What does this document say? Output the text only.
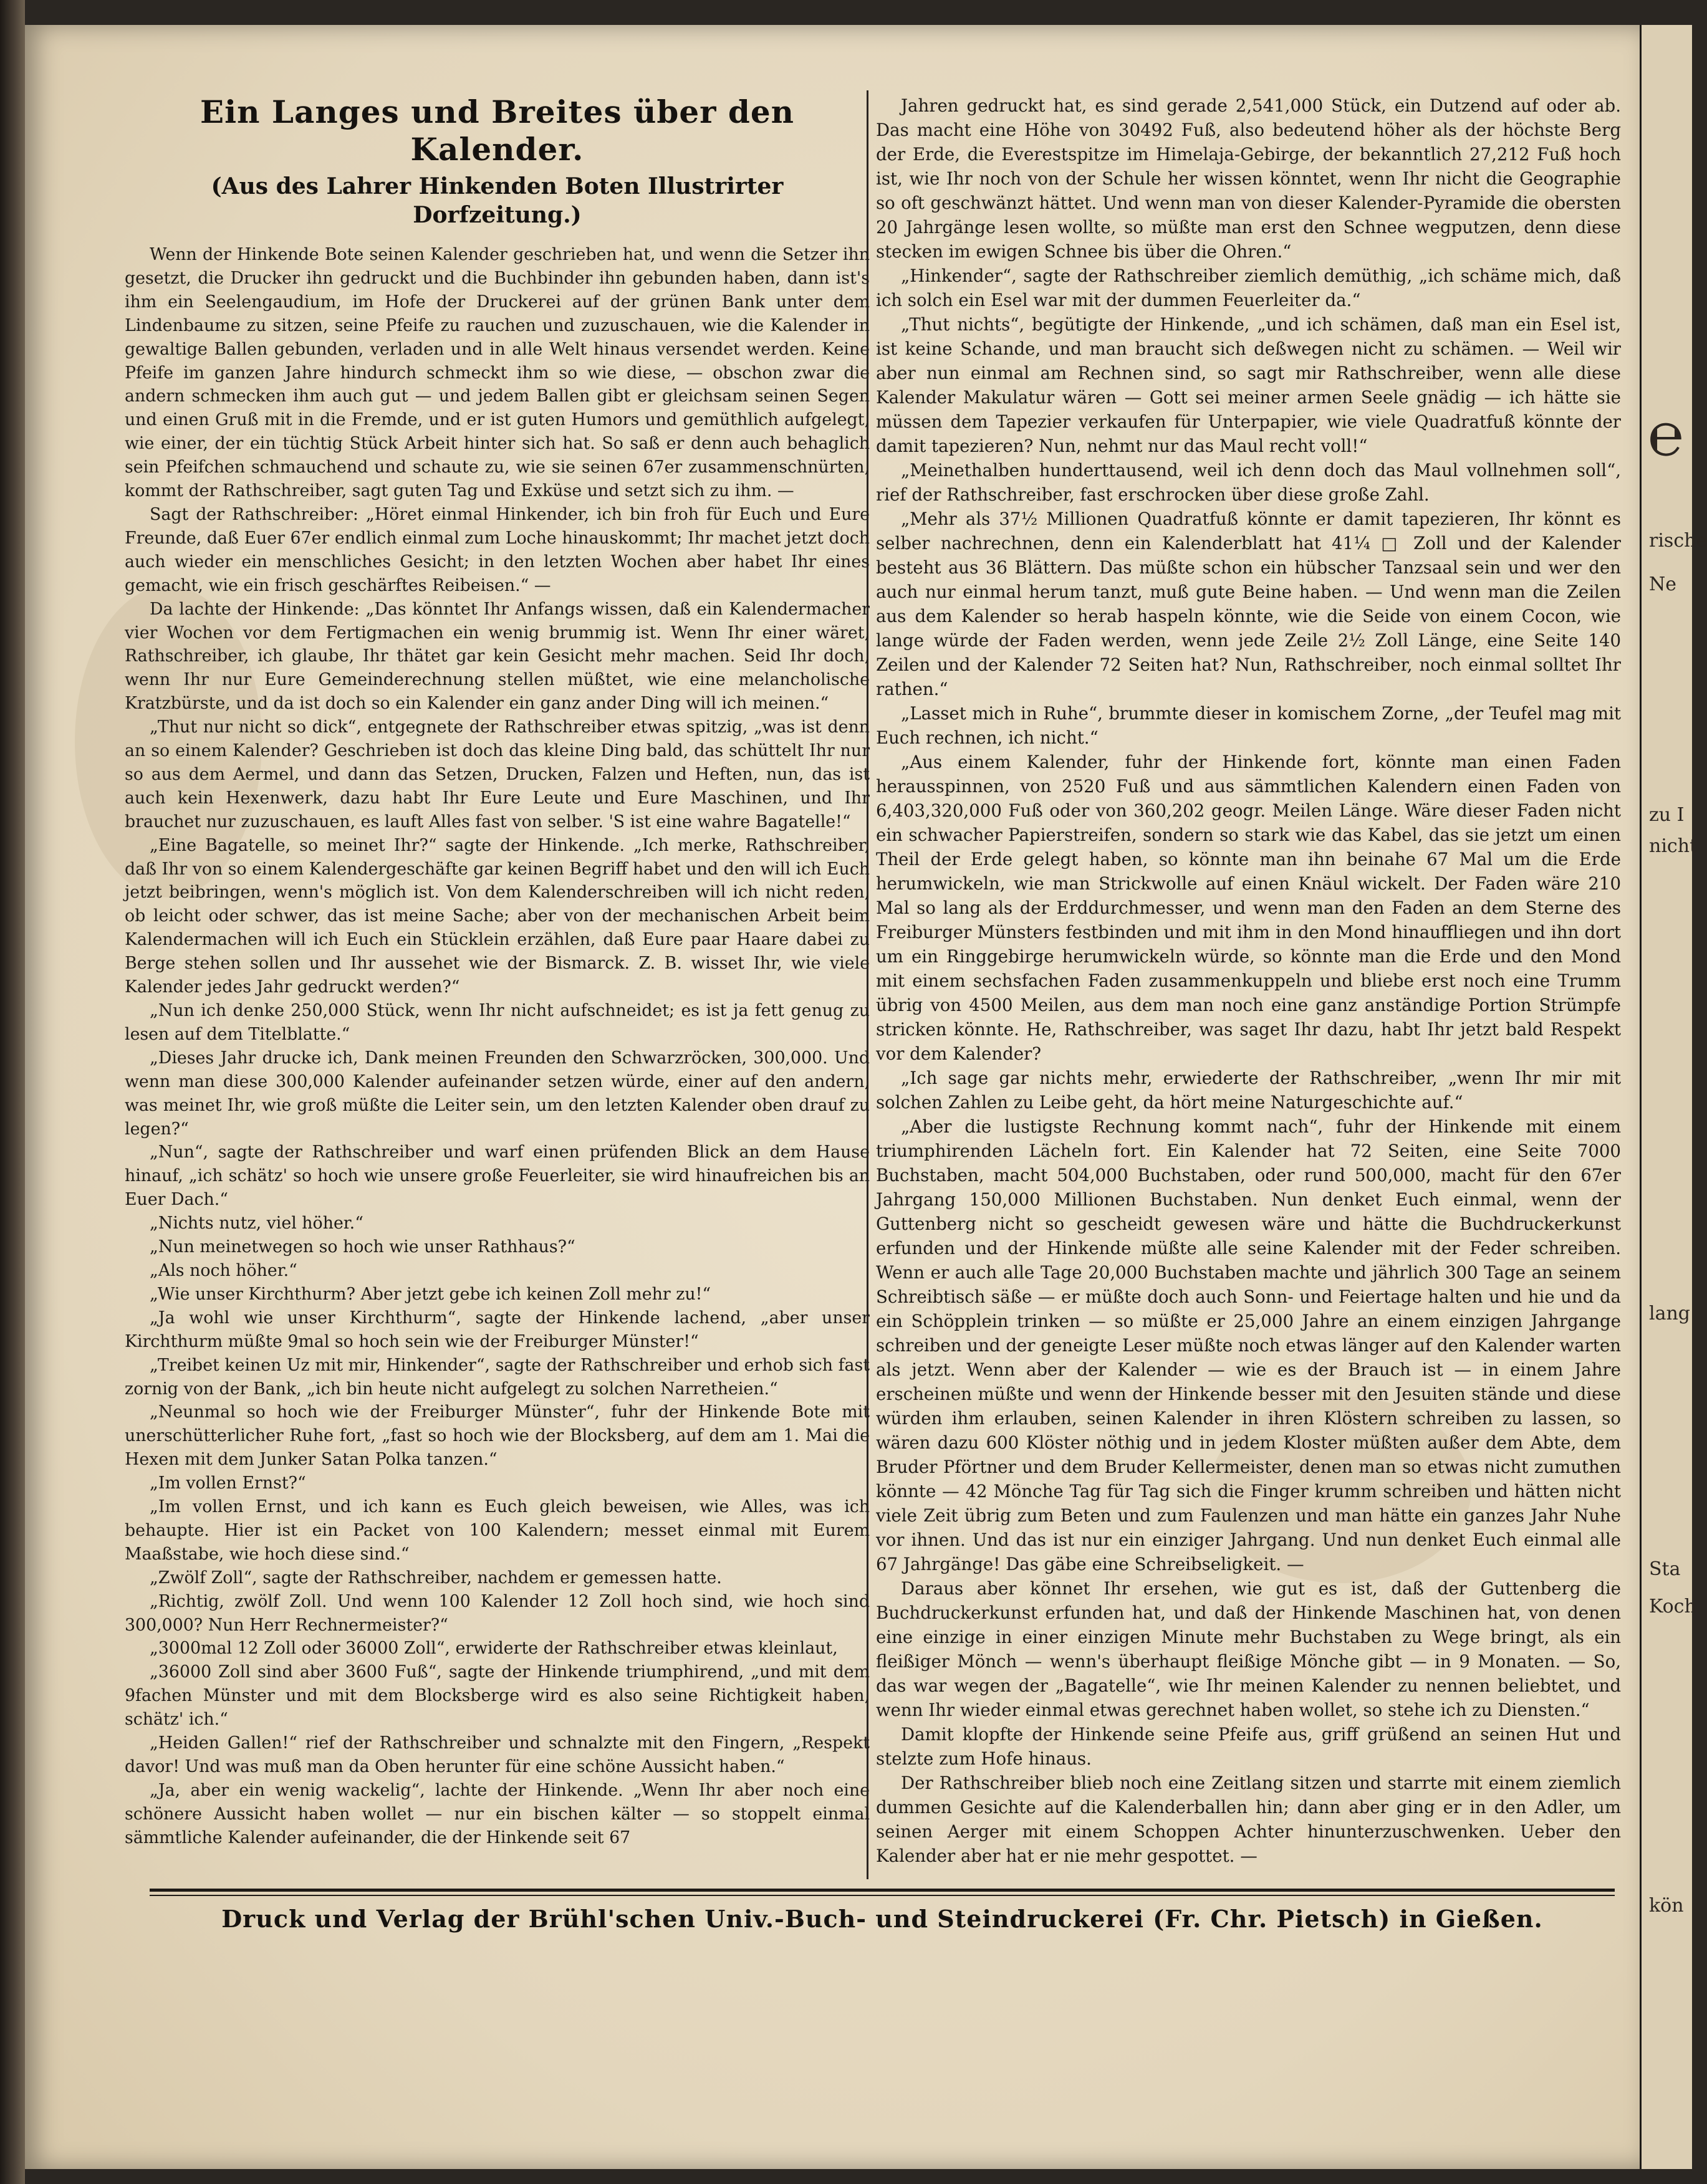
Ein Langes und Breites über den Kalender.
(Aus des Lahrer Hinkenden Boten Illustrirter Dorfzeitung.)

Wenn der Hinkende Bote seinen Kalender geschrieben hat, und wenn die Setzer ihn gesetzt, die Drucker ihn gedruckt und die Buchbinder ihn gebunden haben, dann ist's ihm ein Seelengaudium, im Hofe der Druckerei auf der grünen Bank unter dem Lindenbaume zu sitzen, seine Pfeife zu rauchen und zuzuschauen, wie die Kalender in gewaltige Ballen gebunden, verladen und in alle Welt hinaus versendet werden. Keine Pfeife im ganzen Jahre hindurch schmeckt ihm so wie diese, — obschon zwar die andern schmecken ihm auch gut — und jedem Ballen gibt er gleichsam seinen Segen und einen Gruß mit in die Fremde, und er ist guten Humors und gemüthlich aufgelegt, wie einer, der ein tüchtig Stück Arbeit hinter sich hat. So saß er denn auch behaglich sein Pfeifchen schmauchend und schaute zu, wie sie seinen 67er zusammenschnürten, kommt der Rathschreiber, sagt guten Tag und Exküse und setzt sich zu ihm. —

Sagt der Rathschreiber: „Höret einmal Hinkender, ich bin froh für Euch und Eure Freunde, daß Euer 67er endlich einmal zum Loche hinauskommt; Ihr machet jetzt doch auch wieder ein menschliches Gesicht; in den letzten Wochen aber habet Ihr eines gemacht, wie ein frisch geschärftes Reibeisen.“ —

Da lachte der Hinkende: „Das könntet Ihr Anfangs wissen, daß ein Kalendermacher vier Wochen vor dem Fertigmachen ein wenig brummig ist. Wenn Ihr einer wäret, Rathschreiber, ich glaube, Ihr thätet gar kein Gesicht mehr machen. Seid Ihr doch, wenn Ihr nur Eure Gemeinderechnung stellen müßtet, wie eine melancholische Kratzbürste, und da ist doch so ein Kalender ein ganz ander Ding will ich meinen.“

„Thut nur nicht so dick“, entgegnete der Rathschreiber etwas spitzig, „was ist denn an so einem Kalender? Geschrieben ist doch das kleine Ding bald, das schüttelt Ihr nur so aus dem Aermel, und dann das Setzen, Drucken, Falzen und Heften, nun, das ist auch kein Hexenwerk, dazu habt Ihr Eure Leute und Eure Maschinen, und Ihr brauchet nur zuzuschauen, es lauft Alles fast von selber. 'S ist eine wahre Bagatelle!“

„Eine Bagatelle, so meinet Ihr?“ sagte der Hinkende. „Ich merke, Rathschreiber, daß Ihr von so einem Kalendergeschäfte gar keinen Begriff habet und den will ich Euch jetzt beibringen, wenn's möglich ist. Von dem Kalenderschreiben will ich nicht reden, ob leicht oder schwer, das ist meine Sache; aber von der mechanischen Arbeit beim Kalendermachen will ich Euch ein Stücklein erzählen, daß Eure paar Haare dabei zu Berge stehen sollen und Ihr aussehet wie der Bismarck. Z. B. wisset Ihr, wie viele Kalender jedes Jahr gedruckt werden?“

„Nun ich denke 250,000 Stück, wenn Ihr nicht aufschneidet; es ist ja fett genug zu lesen auf dem Titelblatte.“

„Dieses Jahr drucke ich, Dank meinen Freunden den Schwarzröcken, 300,000. Und wenn man diese 300,000 Kalender aufeinander setzen würde, einer auf den andern, was meinet Ihr, wie groß müßte die Leiter sein, um den letzten Kalender oben drauf zu legen?“

„Nun“, sagte der Rathschreiber und warf einen prüfenden Blick an dem Hause hinauf, „ich schätz' so hoch wie unsere große Feuerleiter, sie wird hinaufreichen bis an Euer Dach.“

„Nichts nutz, viel höher.“

„Nun meinetwegen so hoch wie unser Rathhaus?“

„Als noch höher.“

„Wie unser Kirchthurm? Aber jetzt gebe ich keinen Zoll mehr zu!“

„Ja wohl wie unser Kirchthurm“, sagte der Hinkende lachend, „aber unser Kirchthurm müßte 9mal so hoch sein wie der Freiburger Münster!“

„Treibet keinen Uz mit mir, Hinkender“, sagte der Rathschreiber und erhob sich fast zornig von der Bank, „ich bin heute nicht aufgelegt zu solchen Narretheien.“

„Neunmal so hoch wie der Freiburger Münster“, fuhr der Hinkende Bote mit unerschütterlicher Ruhe fort, „fast so hoch wie der Blocksberg, auf dem am 1. Mai die Hexen mit dem Junker Satan Polka tanzen.“

„Im vollen Ernst?“

„Im vollen Ernst, und ich kann es Euch gleich beweisen, wie Alles, was ich behaupte. Hier ist ein Packet von 100 Kalendern; messet einmal mit Eurem Maaßstabe, wie hoch diese sind.“

„Zwölf Zoll“, sagte der Rathschreiber, nachdem er gemessen hatte.

„Richtig, zwölf Zoll. Und wenn 100 Kalender 12 Zoll hoch sind, wie hoch sind 300,000? Nun Herr Rechnermeister?“

„3000mal 12 Zoll oder 36000 Zoll“, erwiderte der Rathschreiber etwas kleinlaut,

„36000 Zoll sind aber 3600 Fuß“, sagte der Hinkende triumphirend, „und mit dem 9fachen Münster und mit dem Blocksberge wird es also seine Richtigkeit haben, schätz' ich.“

„Heiden Gallen!“ rief der Rathschreiber und schnalzte mit den Fingern, „Respekt davor! Und was muß man da Oben herunter für eine schöne Aussicht haben.“

„Ja, aber ein wenig wackelig“, lachte der Hinkende. „Wenn Ihr aber noch eine schönere Aussicht haben wollet — nur ein bischen kälter — so stoppelt einmal sämmtliche Kalender aufeinander, die der Hinkende seit 67

Jahren gedruckt hat, es sind gerade 2,541,000 Stück, ein Dutzend auf oder ab. Das macht eine Höhe von 30492 Fuß, also bedeutend höher als der höchste Berg der Erde, die Everestspitze im Himelaja-Gebirge, der bekanntlich 27,212 Fuß hoch ist, wie Ihr noch von der Schule her wissen könntet, wenn Ihr nicht die Geographie so oft geschwänzt hättet. Und wenn man von dieser Kalender-Pyramide die obersten 20 Jahrgänge lesen wollte, so müßte man erst den Schnee wegputzen, denn diese stecken im ewigen Schnee bis über die Ohren.“

„Hinkender“, sagte der Rathschreiber ziemlich demüthig, „ich schäme mich, daß ich solch ein Esel war mit der dummen Feuerleiter da.“

„Thut nichts“, begütigte der Hinkende, „und ich schämen, daß man ein Esel ist, ist keine Schande, und man braucht sich deßwegen nicht zu schämen. — Weil wir aber nun einmal am Rechnen sind, so sagt mir Rathschreiber, wenn alle diese Kalender Makulatur wären — Gott sei meiner armen Seele gnädig — ich hätte sie müssen dem Tapezier verkaufen für Unterpapier, wie viele Quadratfuß könnte der damit tapezieren? Nun, nehmt nur das Maul recht voll!“

„Meinethalben hunderttausend, weil ich denn doch das Maul vollnehmen soll“, rief der Rathschreiber, fast erschrocken über diese große Zahl.

„Mehr als 37½ Millionen Quadratfuß könnte er damit tapezieren, Ihr könnt es selber nachrechnen, denn ein Kalenderblatt hat 41¼ □ Zoll und der Kalender besteht aus 36 Blättern. Das müßte schon ein hübscher Tanzsaal sein und wer den auch nur einmal herum tanzt, muß gute Beine haben. — Und wenn man die Zeilen aus dem Kalender so herab haspeln könnte, wie die Seide von einem Cocon, wie lange würde der Faden werden, wenn jede Zeile 2½ Zoll Länge, eine Seite 140 Zeilen und der Kalender 72 Seiten hat? Nun, Rathschreiber, noch einmal solltet Ihr rathen.“

„Lasset mich in Ruhe“, brummte dieser in komischem Zorne, „der Teufel mag mit Euch rechnen, ich nicht.“

„Aus einem Kalender, fuhr der Hinkende fort, könnte man einen Faden herausspinnen, von 2520 Fuß und aus sämmtlichen Kalendern einen Faden von 6,403,320,000 Fuß oder von 360,202 geogr. Meilen Länge. Wäre dieser Faden nicht ein schwacher Papierstreifen, sondern so stark wie das Kabel, das sie jetzt um einen Theil der Erde gelegt haben, so könnte man ihn beinahe 67 Mal um die Erde herumwickeln, wie man Strickwolle auf einen Knäul wickelt. Der Faden wäre 210 Mal so lang als der Erddurchmesser, und wenn man den Faden an dem Sterne des Freiburger Münsters festbinden und mit ihm in den Mond hinauffliegen und ihn dort um ein Ringgebirge herumwickeln würde, so könnte man die Erde und den Mond mit einem sechsfachen Faden zusammenkuppeln und bliebe erst noch eine Trumm übrig von 4500 Meilen, aus dem man noch eine ganz anständige Portion Strümpfe stricken könnte. He, Rathschreiber, was saget Ihr dazu, habt Ihr jetzt bald Respekt vor dem Kalender?

„Ich sage gar nichts mehr, erwiederte der Rathschreiber, „wenn Ihr mir mit solchen Zahlen zu Leibe geht, da hört meine Naturgeschichte auf.“

„Aber die lustigste Rechnung kommt nach“, fuhr der Hinkende mit einem triumphirenden Lächeln fort. Ein Kalender hat 72 Seiten, eine Seite 7000 Buchstaben, macht 504,000 Buchstaben, oder rund 500,000, macht für den 67er Jahrgang 150,000 Millionen Buchstaben. Nun denket Euch einmal, wenn der Guttenberg nicht so gescheidt gewesen wäre und hätte die Buchdruckerkunst erfunden und der Hinkende müßte alle seine Kalender mit der Feder schreiben. Wenn er auch alle Tage 20,000 Buchstaben machte und jährlich 300 Tage an seinem Schreibtisch säße — er müßte doch auch Sonn- und Feiertage halten und hie und da ein Schöpplein trinken — so müßte er 25,000 Jahre an einem einzigen Jahrgange schreiben und der geneigte Leser müßte noch etwas länger auf den Kalender warten als jetzt. Wenn aber der Kalender — wie es der Brauch ist — in einem Jahre erscheinen müßte und wenn der Hinkende besser mit den Jesuiten stände und diese würden ihm erlauben, seinen Kalender in ihren Klöstern schreiben zu lassen, so wären dazu 600 Klöster nöthig und in jedem Kloster müßten außer dem Abte, dem Bruder Pförtner und dem Bruder Kellermeister, denen man so etwas nicht zumuthen könnte — 42 Mönche Tag für Tag sich die Finger krumm schreiben und hätten nicht viele Zeit übrig zum Beten und zum Faulenzen und man hätte ein ganzes Jahr Nuhe vor ihnen. Und das ist nur ein einziger Jahrgang. Und nun denket Euch einmal alle 67 Jahrgänge! Das gäbe eine Schreibseligkeit. —

Daraus aber könnet Ihr ersehen, wie gut es ist, daß der Guttenberg die Buchdruckerkunst erfunden hat, und daß der Hinkende Maschinen hat, von denen eine einzige in einer einzigen Minute mehr Buchstaben zu Wege bringt, als ein fleißiger Mönch — wenn's überhaupt fleißige Mönche gibt — in 9 Monaten. — So, das war wegen der „Bagatelle“, wie Ihr meinen Kalender zu nennen beliebtet, und wenn Ihr wieder einmal etwas gerechnet haben wollet, so stehe ich zu Diensten.“

Damit klopfte der Hinkende seine Pfeife aus, griff grüßend an seinen Hut und stelzte zum Hofe hinaus.

Der Rathschreiber blieb noch eine Zeitlang sitzen und starrte mit einem ziemlich dummen Gesichte auf die Kalenderballen hin; dann aber ging er in den Adler, um seinen Aerger mit einem Schoppen Achter hinunterzuschwenken. Ueber den Kalender aber hat er nie mehr gespottet. —

Druck und Verlag der Brühl'schen Univ.-Buch- und Steindruckerei (Fr. Chr. Pietsch) in Gießen.
℮
rische
Ne
zu I
nicht
lang
Sta
Koch
kön
